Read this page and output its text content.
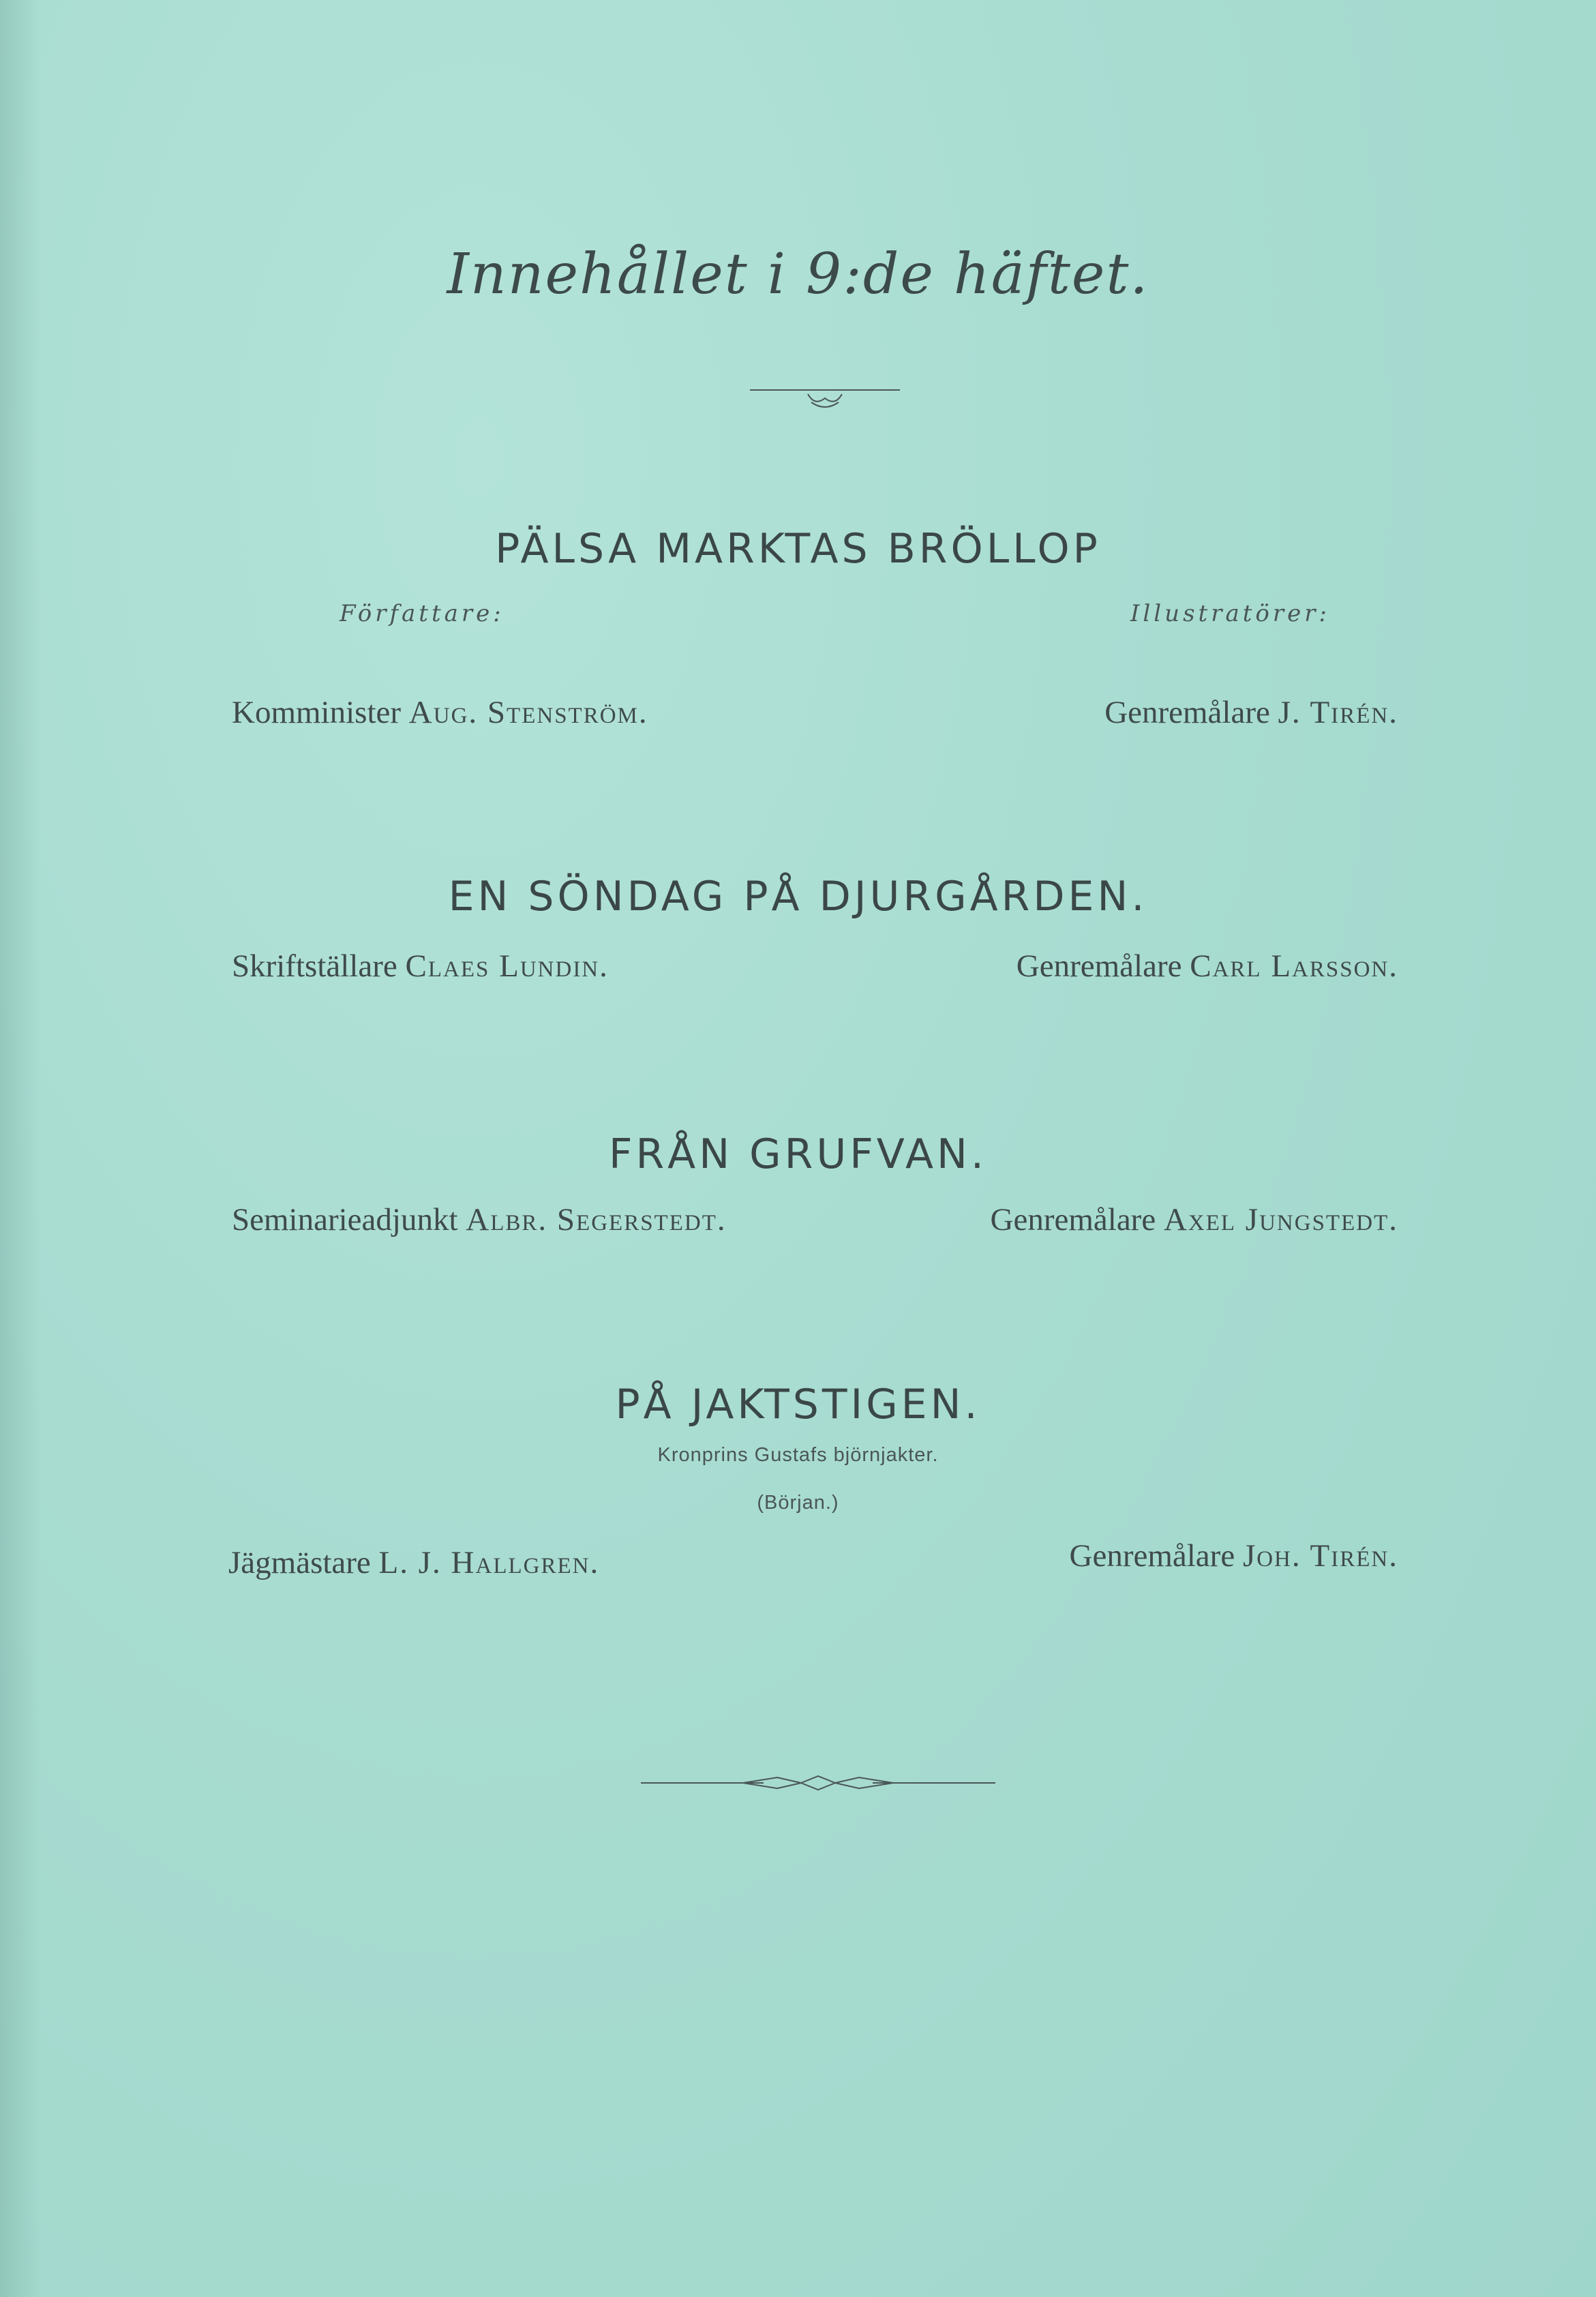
Innehållet i 9:de häftet.
PÄLSA MARKTAS BRÖLLOP
Författare:	Illustratörer:
Komminister Aug. Stenström.	Genremålare J. Tirén.
EN SÖNDAG PÅ DJURGÅRDEN.
Skriftställare Claes Lundin.	Genremålare Carl Larsson.
FRÅN GRUFVAN.
Seminarieadjunkt Albr. Segerstedt.	Genremålare Axel Jungstedt.
PÅ JAKTSTIGEN.
Kronprins Gustafs björnjakter.
(Början.)
Jägmästare L. J. Hallgren.	Genremålare Joh. Tirén.
